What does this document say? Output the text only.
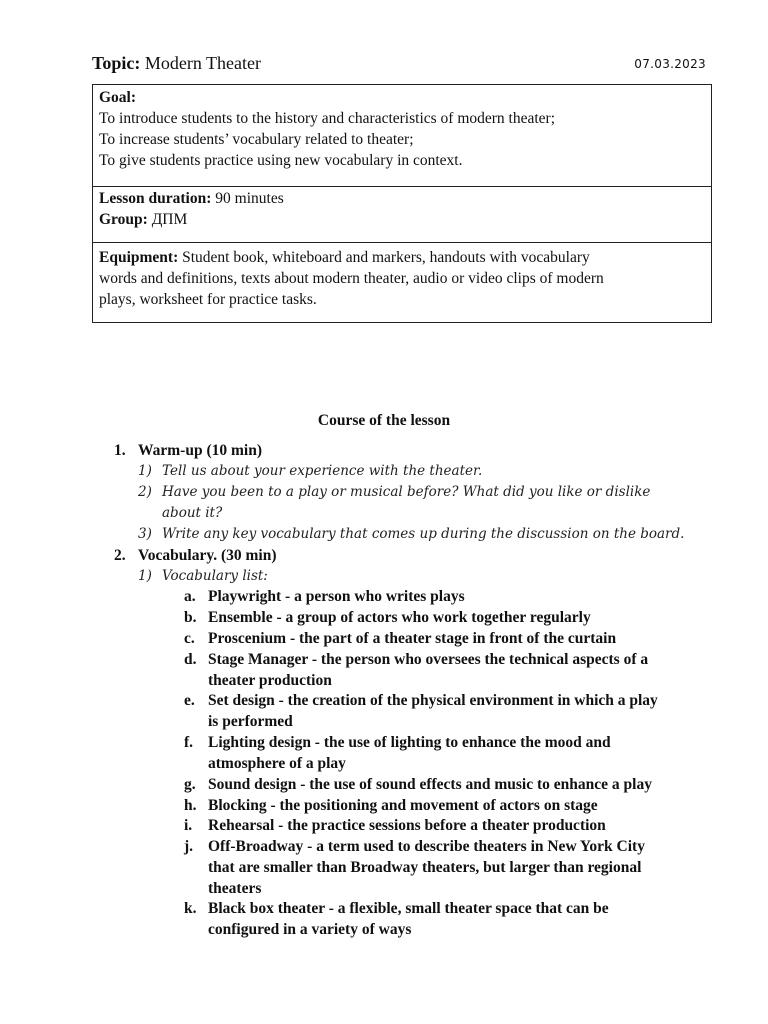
Topic: Modern Theater	07.03.2023
Goal:
To introduce students to the history and characteristics of modern theater;
To increase students’ vocabulary related to theater;
To give students practice using new vocabulary in context.
Lesson duration: 90 minutes
Group: ДПМ
Equipment: Student book, whiteboard and markers, handouts with vocabulary
words and definitions, texts about modern theater, audio or video clips of modern
plays, worksheet for practice tasks.
Course of the lesson
1. Warm-up (10 min)
1) Tell us about your experience with the theater.
2) Have you been to a play or musical before? What did you like or dislike
about it?
3) Write any key vocabulary that comes up during the discussion on the board.
2. Vocabulary. (30 min)
1) Vocabulary list:
a. Playwright - a person who writes plays
b. Ensemble - a group of actors who work together regularly
c. Proscenium - the part of a theater stage in front of the curtain
d. Stage Manager - the person who oversees the technical aspects of a
theater production
e. Set design - the creation of the physical environment in which a play
is performed
f. Lighting design - the use of lighting to enhance the mood and
atmosphere of a play
g. Sound design - the use of sound effects and music to enhance a play
h. Blocking - the positioning and movement of actors on stage
i. Rehearsal - the practice sessions before a theater production
j. Off-Broadway - a term used to describe theaters in New York City
that are smaller than Broadway theaters, but larger than regional
theaters
k. Black box theater - a flexible, small theater space that can be
configured in a variety of ways
